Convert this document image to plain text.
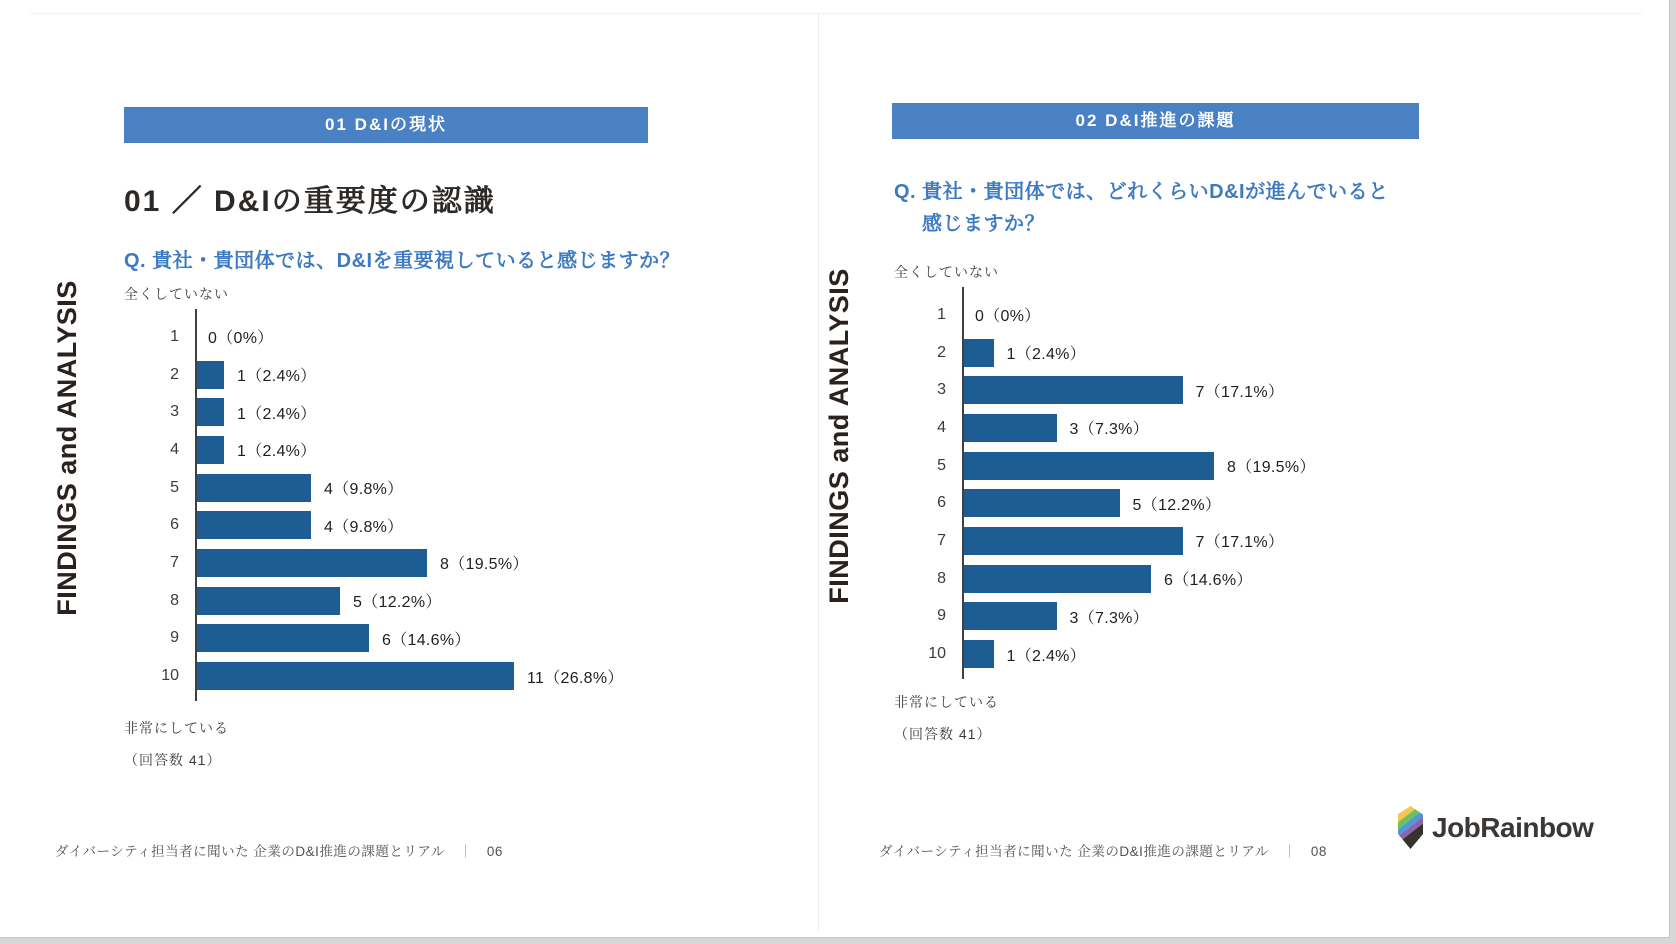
01 D&Iの現状
01 ／ D&Iの重要度の認識
Q. 貴社・貴団体では、D&Iを重要視していると感じますか？
全くしていない
1	0（0%）
2	1（2.4%）
3	1（2.4%）
4	1（2.4%）
5	4（9.8%）
6	4（9.8%）
7	8（19.5%）
8	5（12.2%）
9	6（14.6%）
10	11（26.8%）
非常にしている
（回答数 41）
FINDINGS and ANALYSIS
ダイバーシティ担当者に聞いた 企業のD&I推進の課題とリアル ｜ 06
02 D&I推進の課題
Q. 貴社・貴団体では、どれくらいD&Iが進んでいると
感じますか？
全くしていない
1	0（0%）
2	1（2.4%）
3	7（17.1%）
4	3（7.3%）
5	8（19.5%）
6	5（12.2%）
7	7（17.1%）
8	6（14.6%）
9	3（7.3%）
10	1（2.4%）
非常にしている
（回答数 41）
FINDINGS and ANALYSIS
ダイバーシティ担当者に聞いた 企業のD&I推進の課題とリアル ｜ 08
JobRainbow
